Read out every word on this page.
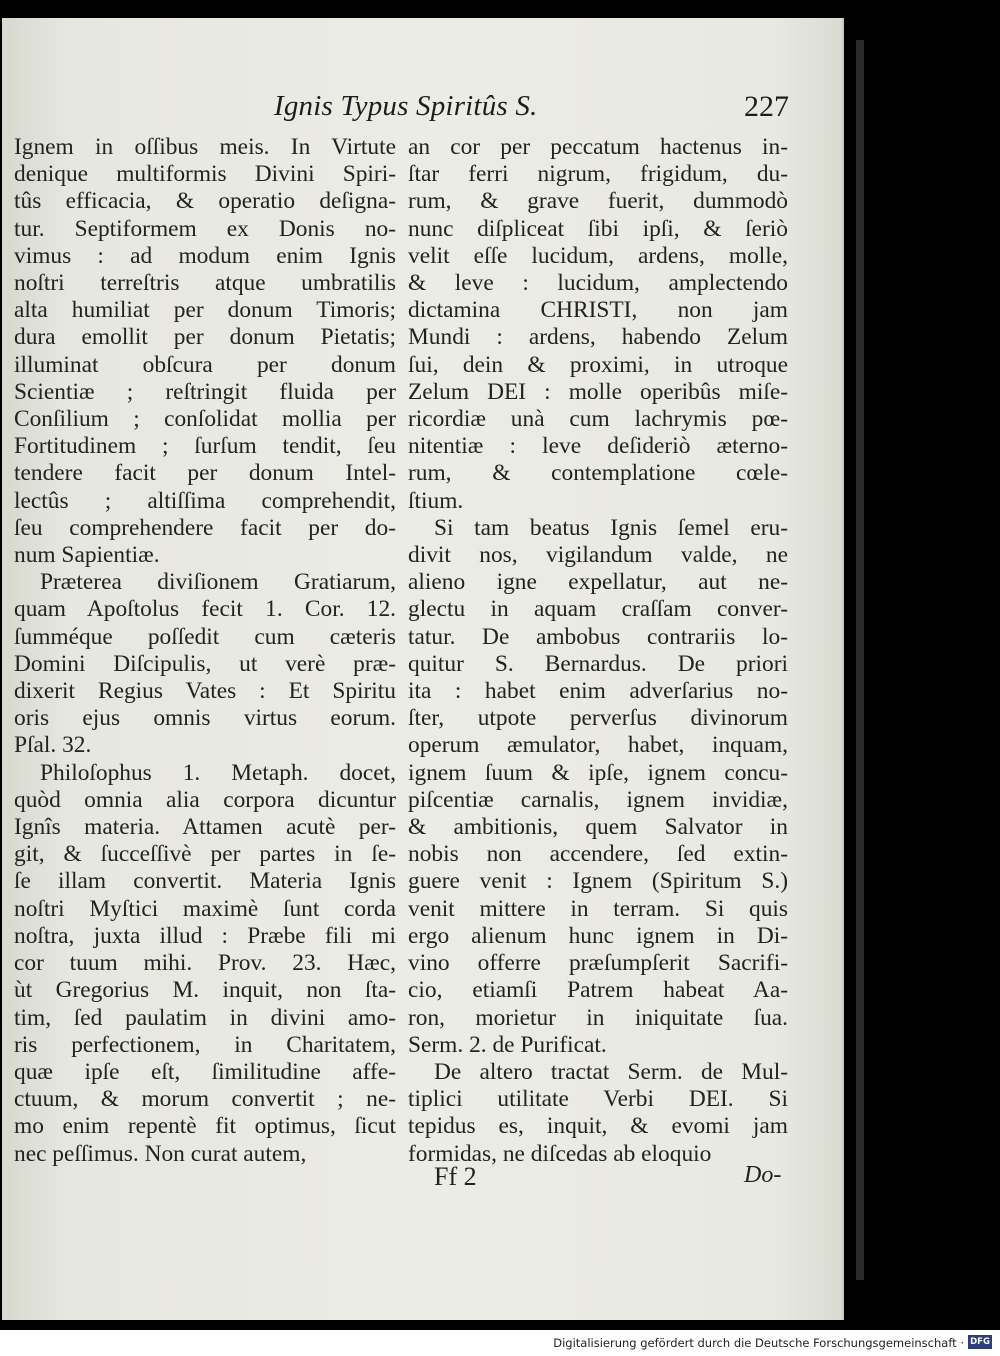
Ignis Typus Spiritûs S.	227
Ignem in oſſibus meis. In Virtute
denique multiformis Divini Spiri-
tûs efficacia, & operatio deſigna-
tur. Septiformem ex Donis no-
vimus : ad modum enim Ignis
noſtri terreſtris atque umbratilis
alta humiliat per donum Timoris;
dura emollit per donum Pietatis;
illuminat obſcura per donum
Scientiæ ; reſtringit fluida per
Conſilium ; conſolidat mollia per
Fortitudinem ; ſurſum tendit, ſeu
tendere facit per donum Intel-
lectûs ; altiſſima comprehendit,
ſeu comprehendere facit per do-
num Sapientiæ.
Præterea diviſionem Gratiarum,
quam Apoſtolus fecit 1. Cor. 12.
ſumméque poſſedit cum cæteris
Domini Diſcipulis, ut verè præ-
dixerit Regius Vates : Et Spiritu
oris ejus omnis virtus eorum.
Pſal. 32.
Philoſophus 1. Metaph. docet,
quòd omnia alia corpora dicuntur
Ignîs materia. Attamen acutè per-
git, & ſucceſſivè per partes in ſe-
ſe illam convertit. Materia Ignis
noſtri Myſtici maximè ſunt corda
noſtra, juxta illud : Præbe fili mi
cor tuum mihi. Prov. 23. Hæc,
ùt Gregorius M. inquit, non ſta-
tim, ſed paulatim in divini amo-
ris perfectionem, in Charitatem,
quæ ipſe eſt, ſimilitudine affe-
ctuum, & morum convertit ; ne-
mo enim repentè fit optimus, ſicut
nec peſſimus. Non curat autem,
an cor per peccatum hactenus in-
ſtar ferri nigrum, frigidum, du-
rum, & grave fuerit, dummodò
nunc diſpliceat ſibi ipſi, & ſeriò
velit eſſe lucidum, ardens, molle,
& leve : lucidum, amplectendo
dictamina CHRISTI, non jam
Mundi : ardens, habendo Zelum
ſui, dein & proximi, in utroque
Zelum DEI : molle operibûs miſe-
ricordiæ unà cum lachrymis pœ-
nitentiæ : leve deſideriò æterno-
rum, & contemplatione cœle-
ſtium.
Si tam beatus Ignis ſemel eru-
divit nos, vigilandum valde, ne
alieno igne expellatur, aut ne-
glectu in aquam craſſam conver-
tatur. De ambobus contrariis lo-
quitur S. Bernardus. De priori
ita : habet enim adverſarius no-
ſter, utpote perverſus divinorum
operum æmulator, habet, inquam,
ignem ſuum & ipſe, ignem concu-
piſcentiæ carnalis, ignem invidiæ,
& ambitionis, quem Salvator in
nobis non accendere, ſed extin-
guere venit : Ignem (Spiritum S.)
venit mittere in terram. Si quis
ergo alienum hunc ignem in Di-
vino offerre præſumpſerit Sacrifi-
cio, etiamſi Patrem habeat Aa-
ron, morietur in iniquitate ſua.
Serm. 2. de Purificat.
De altero tractat Serm. de Mul-
tiplici utilitate Verbi DEI. Si
tepidus es, inquit, & evomi jam
formidas, ne diſcedas ab eloquio
Ff 2	Do-
Digitalisierung gefördert durch die Deutsche Forschungsgemeinschaft · DFG
